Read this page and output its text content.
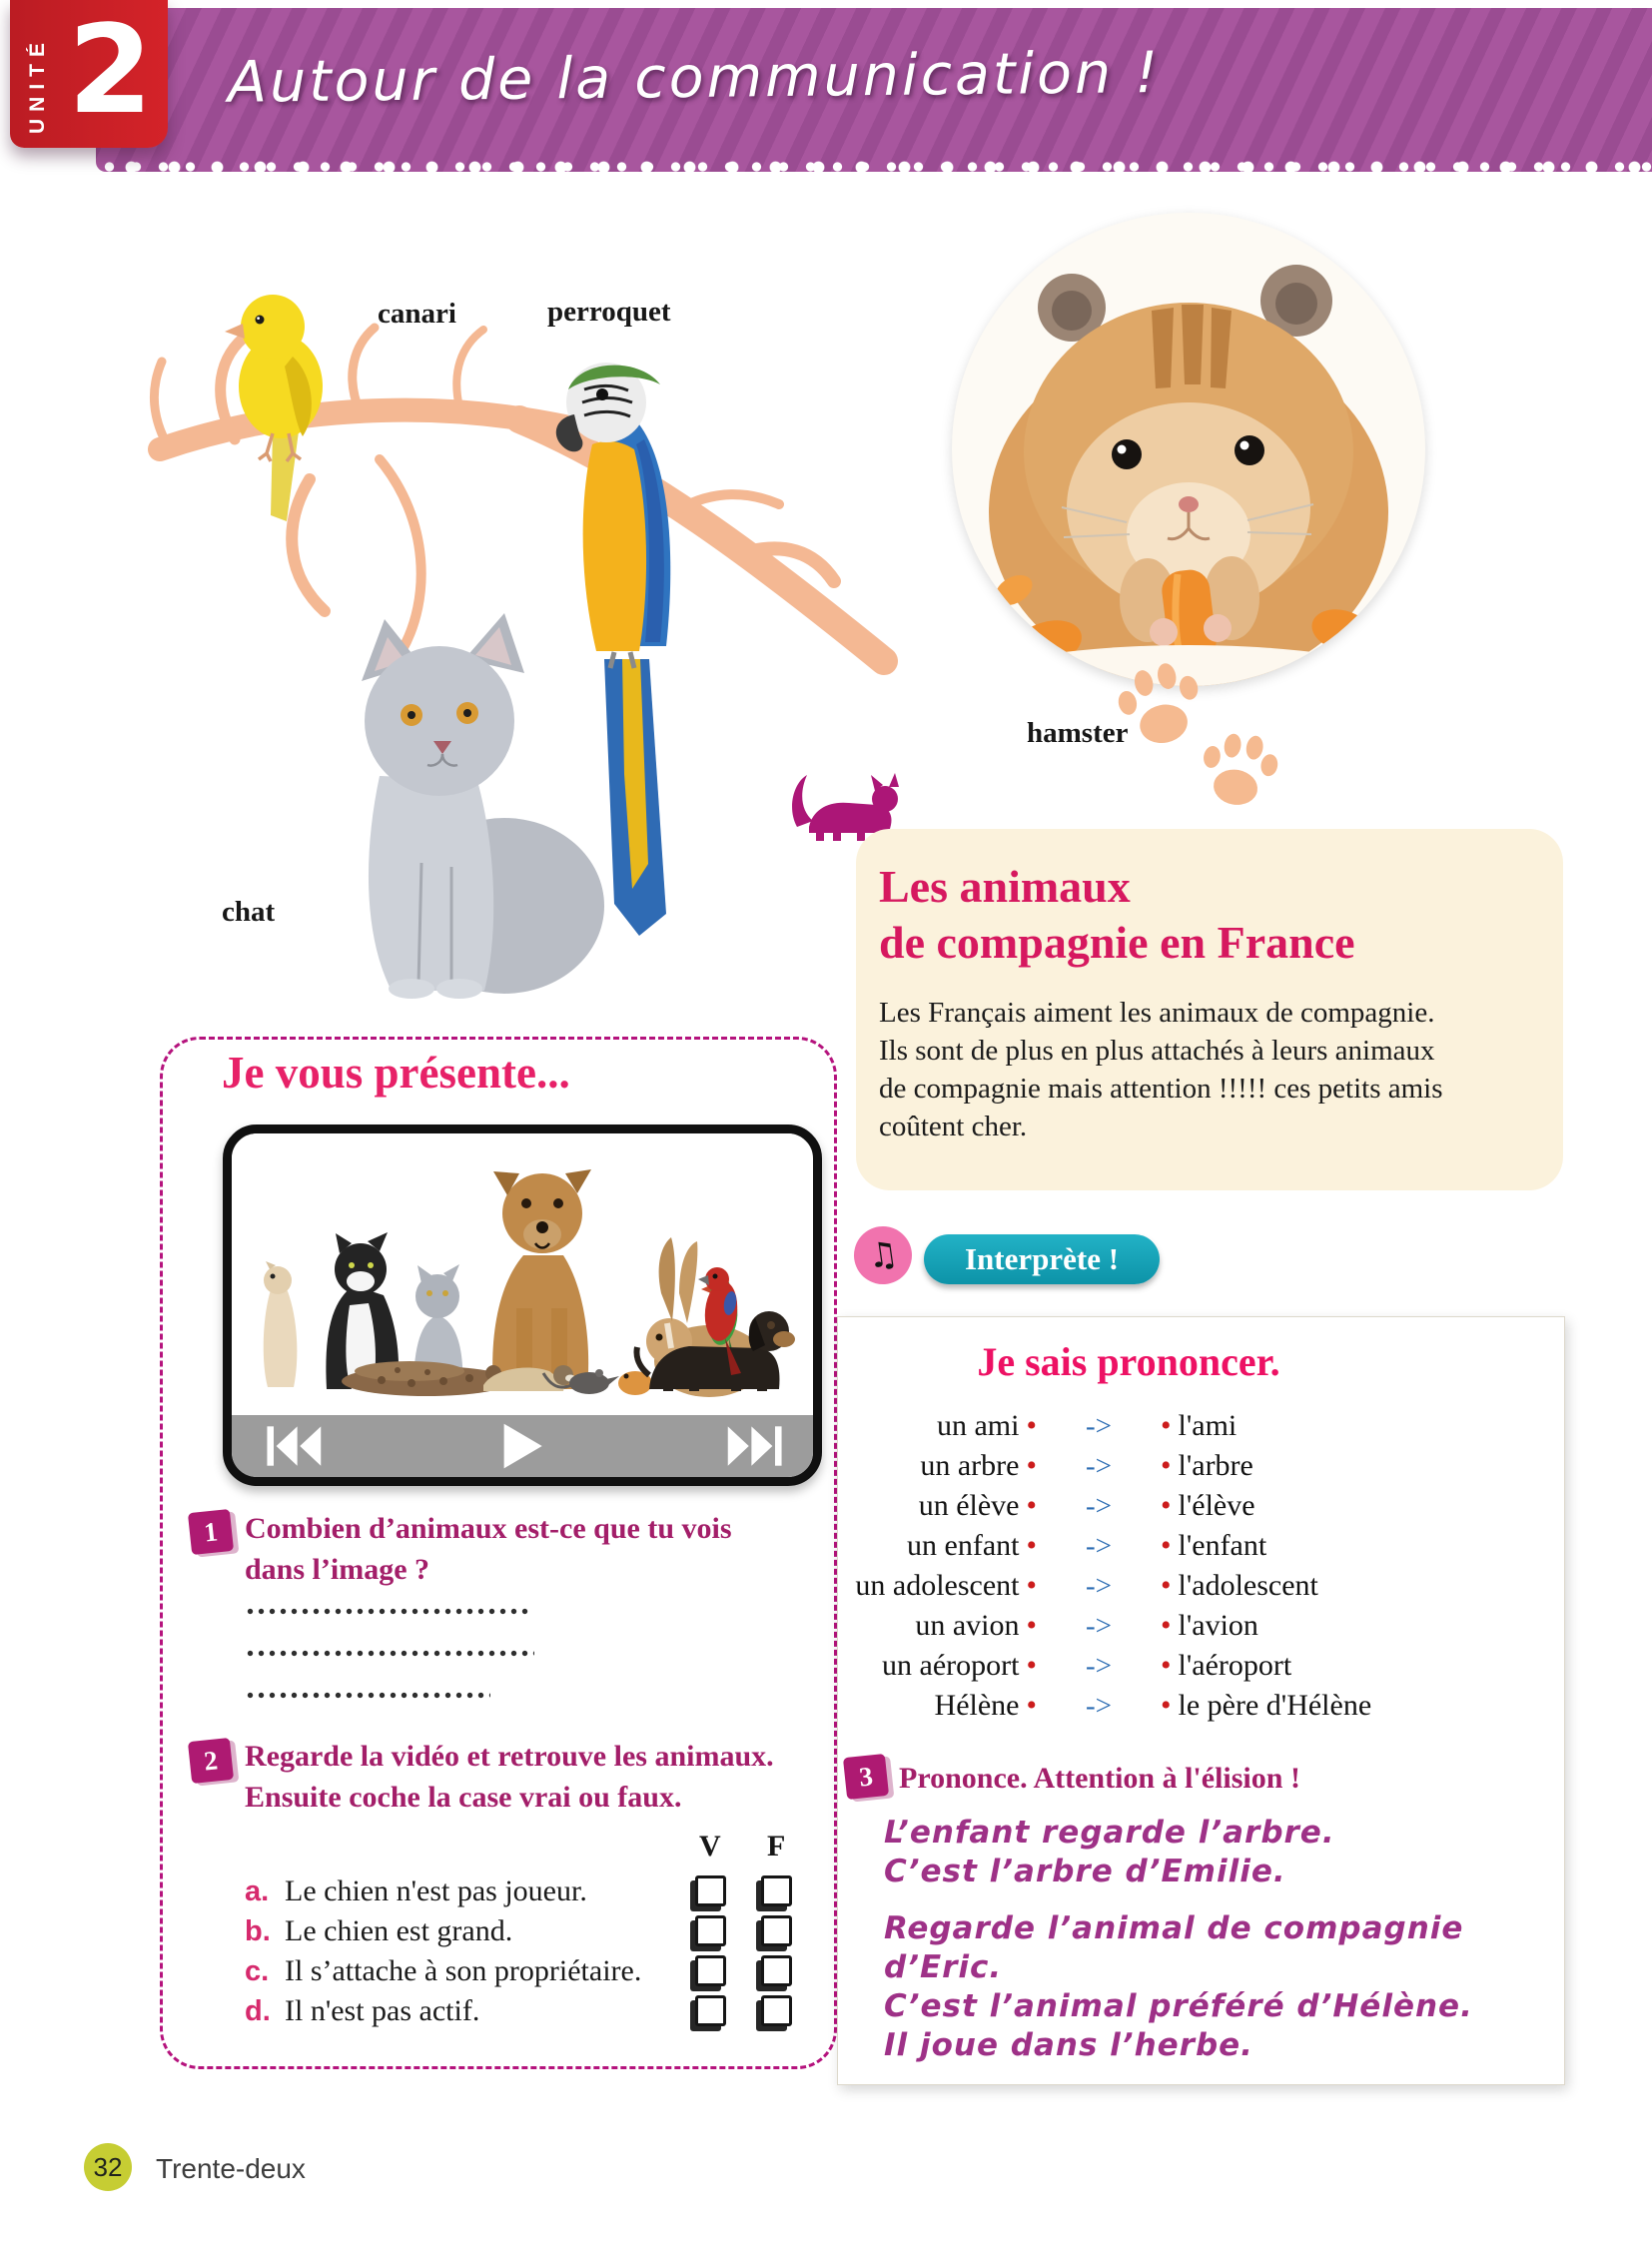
Autour de la communication !
UNITÉ 2
canari	perroquet
chat
hamster
Les animaux
de compagnie en France
Les Français aiment les animaux de compagnie.
Ils sont de plus en plus attachés à leurs animaux
de compagnie mais attention !!!!! ces petits amis
coûtent cher.
Je vous présente...
1 Combien d’animaux est-ce que tu vois
dans l’image ?
2 Regarde la vidéo et retrouve les animaux.
Ensuite coche la case vrai ou faux.
V F
a. Le chien n'est pas joueur.
b. Le chien est grand.
c. Il s’attache à son propriétaire.
d. Il n'est pas actif.
♫	Interprète !
Je sais prononcer.
un ami •	->	• l'ami
un arbre •	->	• l'arbre
un élève •	->	• l'élève
un enfant •	->	• l'enfant
un adolescent •	->	• l'adolescent
un avion •	->	• l'avion
un aéroport •	->	• l'aéroport
Hélène •	->	• le père d'Hélène
3 Prononce. Attention à l'élision !
L’enfant regarde l’arbre.
C’est l’arbre d’Emilie.
Regarde l’animal de compagnie d’Eric.
C’est l’animal préféré d’Hélène.
Il joue dans l’herbe.
32	Trente-deux
